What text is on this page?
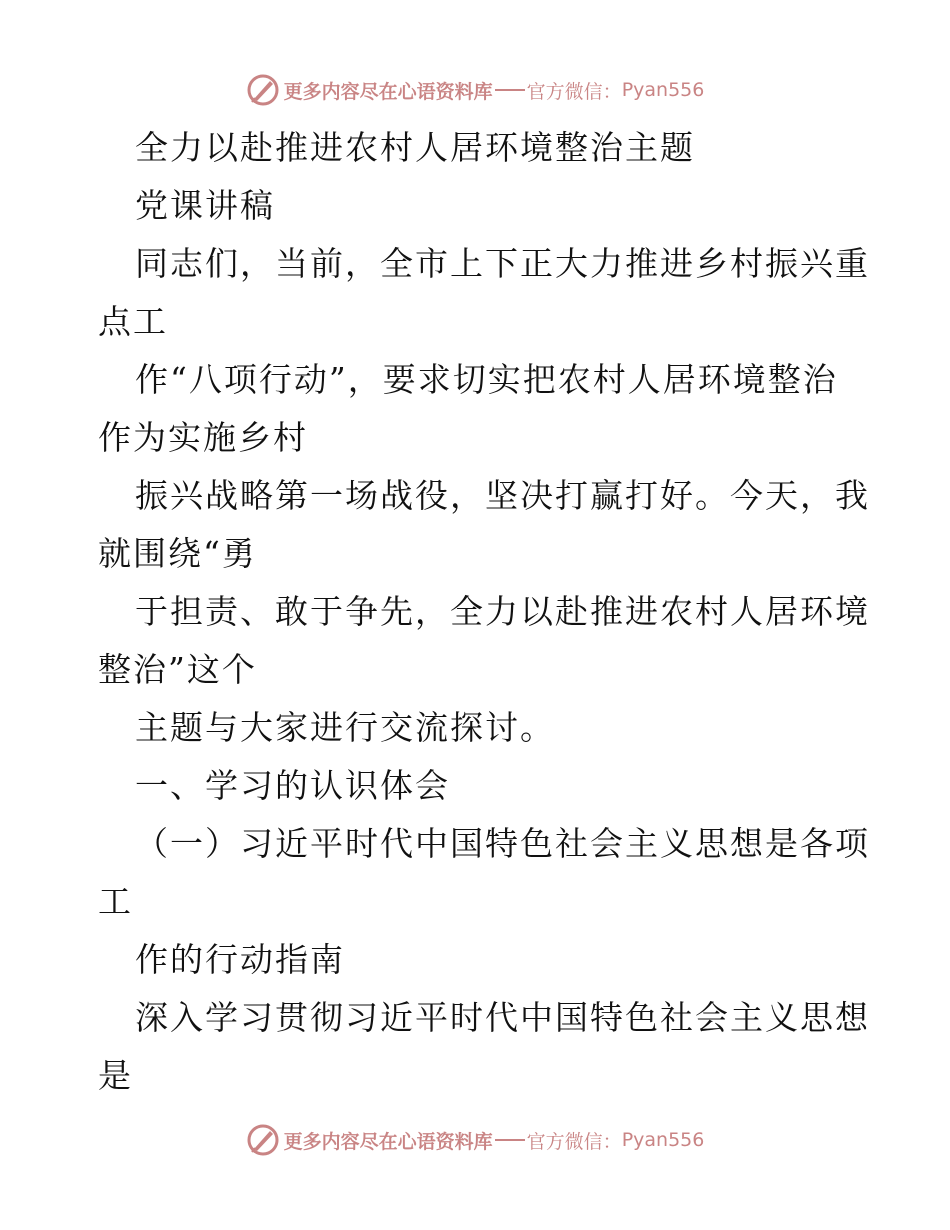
更多内容尽在心语资料库 官方微信： Pyan556
全力以赴推进农村人居环境整治主题
党课讲稿
同志们，当前，全市上下正大力推进乡村振兴重
点工
作“八项行动”，要求切实把农村人居环境整治
作为实施乡村
振兴战略第一场战役，坚决打赢打好。今天，我
就围绕“勇
于担责、敢于争先，全力以赴推进农村人居环境
整治”这个
主题与大家进行交流探讨。
一、学习的认识体会
（一）习近平时代中国特色社会主义思想是各项
工
作的行动指南
深入学习贯彻习近平时代中国特色社会主义思想
是
更多内容尽在心语资料库 官方微信： Pyan556
